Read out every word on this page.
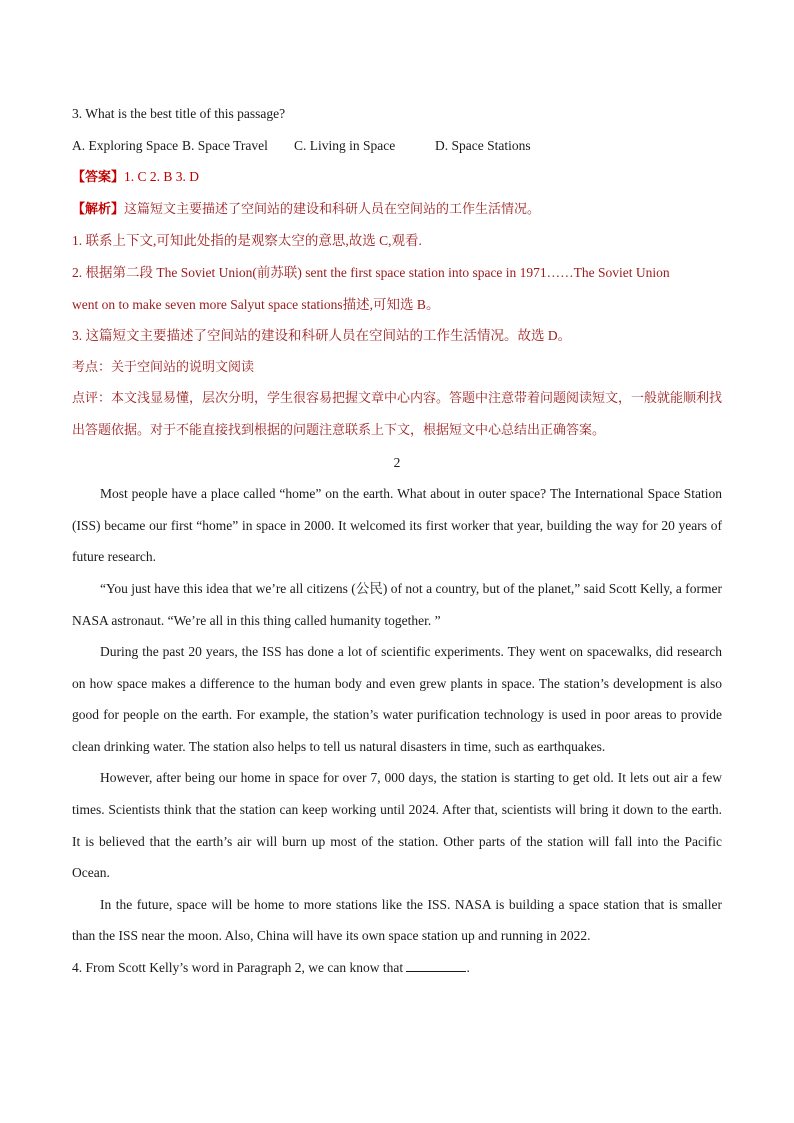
3. What is the best title of this passage?
A. Exploring Space B. Space Travel C. Living in Space	D. Space Stations
【答案】1. C 2. B 3. D
【解析】这篇短文主要描述了空间站的建设和科研人员在空间站的工作生活情况。
1. 联系上下文,可知此处指的是观察太空的意思,故选 C,观看.
2. 根据第二段 The Soviet Union(前苏联) sent the first space station into space in 1971……The Soviet Union
went on to make seven more Salyut space stations描述,可知选 B。
3. 这篇短文主要描述了空间站的建设和科研人员在空间站的工作生活情况。故选 D。
考点：关于空间站的说明文阅读
点评：本文浅显易懂，层次分明，学生很容易把握文章中心内容。答题中注意带着问题阅读短文，一般就能顺利找出答题依据。对于不能直接找到根据的问题注意联系上下文，根据短文中心总结出正确答案。
2
Most people have a place called “home” on the earth. What about in outer space? The International Space Station (ISS) became our first “home” in space in 2000. It welcomed its first worker that year, building the way for 20 years of future research.
“You just have this idea that we’re all citizens (公民) of not a country, but of the planet,” said Scott Kelly, a former NASA astronaut. “We’re all in this thing called humanity together. ”
During the past 20 years, the ISS has done a lot of scientific experiments. They went on spacewalks, did research on how space makes a difference to the human body and even grew plants in space. The station’s development is also good for people on the earth. For example, the station’s water purification technology is used in poor areas to provide clean drinking water. The station also helps to tell us natural disasters in time, such as earthquakes.
However, after being our home in space for over 7, 000 days, the station is starting to get old. It lets out air a few times. Scientists think that the station can keep working until 2024. After that, scientists will bring it down to the earth. It is believed that the earth’s air will burn up most of the station. Other parts of the station will fall into the Pacific Ocean.
In the future, space will be home to more stations like the ISS. NASA is building a space station that is smaller than the ISS near the moon. Also, China will have its own space station up and running in 2022.
4. From Scott Kelly’s word in Paragraph 2, we can know that	.
